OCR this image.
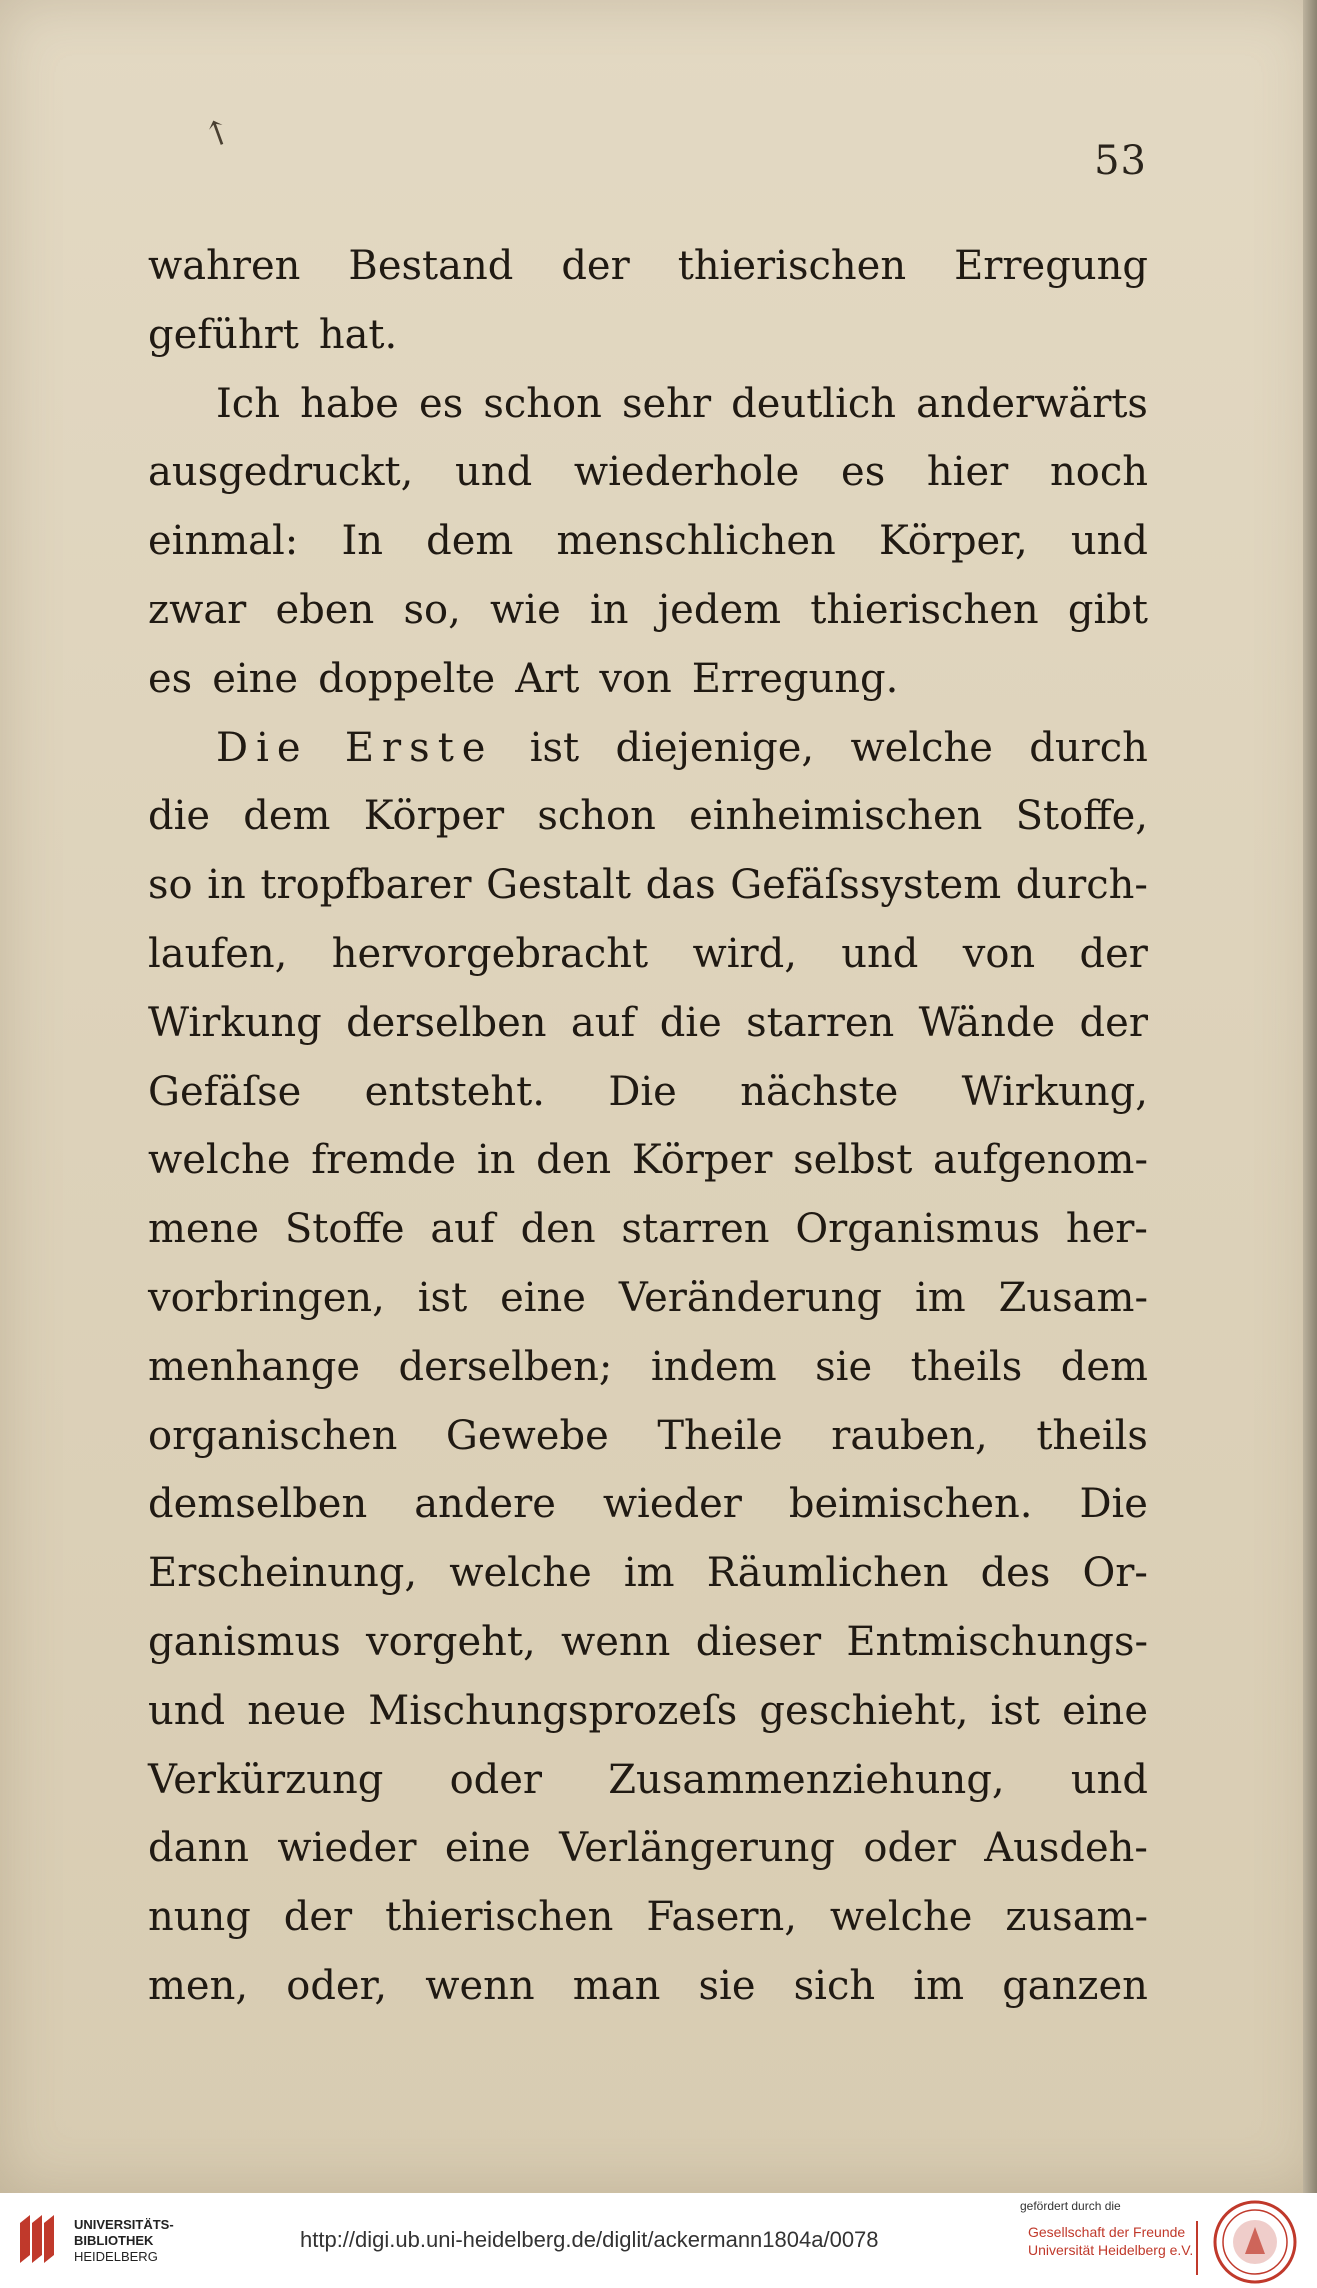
↑
53
wahren Bestand der thierischen Erregung
geführt hat.
Ich habe es schon sehr deutlich anderwärts
ausgedruckt, und wiederhole es hier noch
einmal: In dem menschlichen Körper, und
zwar eben so, wie in jedem thierischen gibt
es eine doppelte Art von Erregung.
Die Erste ist diejenige, welche durch
die dem Körper schon einheimischen Stoffe,
so in tropfbarer Gestalt das Gefäſssystem durch-
laufen, hervorgebracht wird, und von der
Wirkung derselben auf die starren Wände der
Gefäſse entsteht. Die nächste Wirkung,
welche fremde in den Körper selbst aufgenom-
mene Stoffe auf den starren Organismus her-
vorbringen, ist eine Veränderung im Zusam-
menhange derselben; indem sie theils dem
organischen Gewebe Theile rauben, theils
demselben andere wieder beimischen. Die
Erscheinung, welche im Räumlichen des Or-
ganismus vorgeht, wenn dieser Entmischungs-
und neue Mischungsprozeſs geschieht, ist eine
Verkürzung oder Zusammenziehung, und
dann wieder eine Verlängerung oder Ausdeh-
nung der thierischen Fasern, welche zusam-
men, oder, wenn man sie sich im ganzen
UNIVERSITÄTS-
BIBLIOTHEK
HEIDELBERG
http://digi.ub.uni-heidelberg.de/diglit/ackermann1804a/0078
gefördert durch die
Gesellschaft der Freunde
Universität Heidelberg e.V.
